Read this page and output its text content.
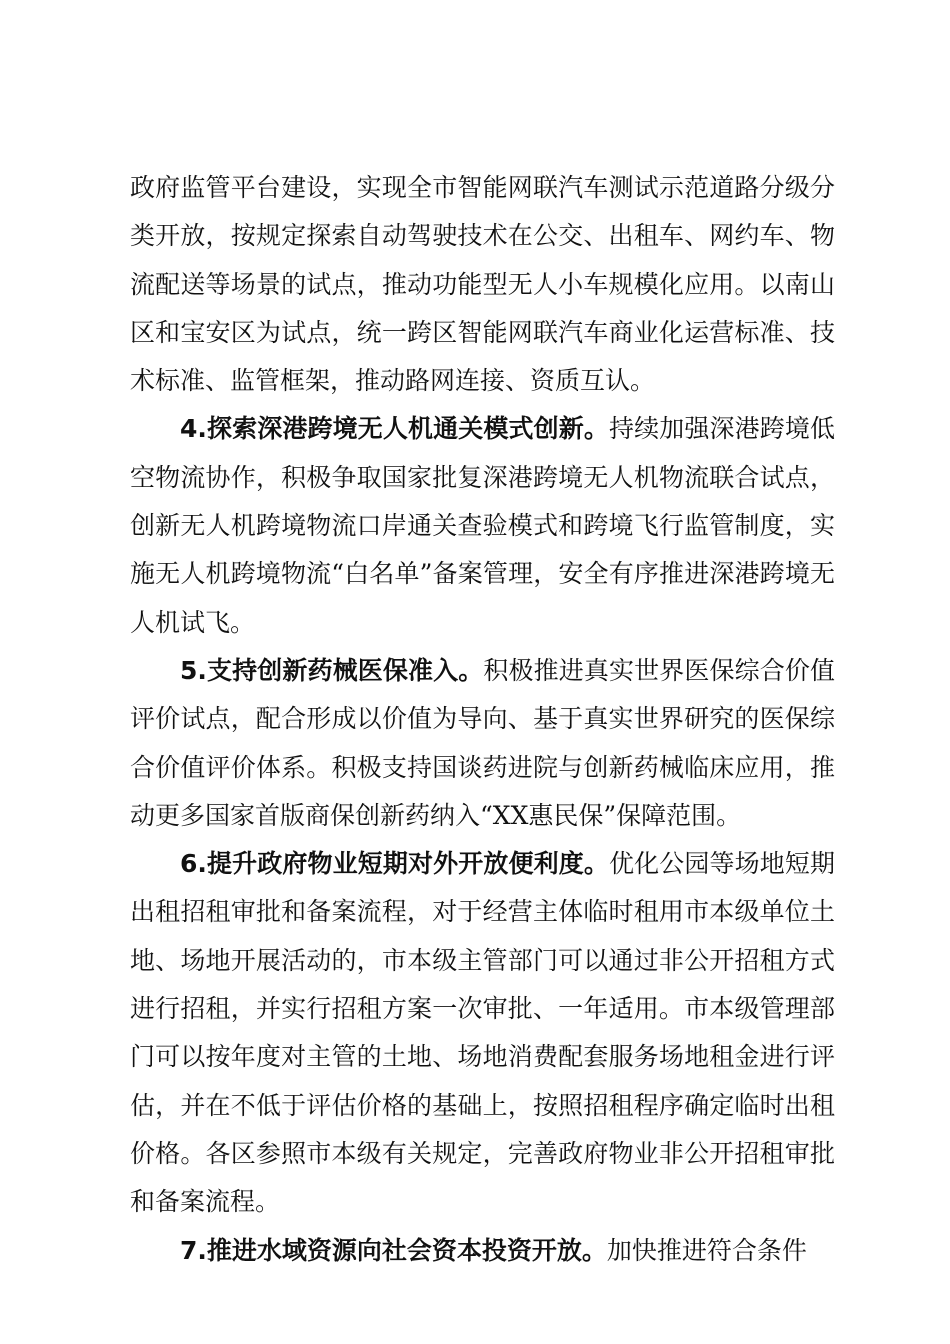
政府监管平台建设，实现全市智能网联汽车测试示范道路分级分类开放，按规定探索自动驾驶技术在公交、出租车、网约车、物流配送等场景的试点，推动功能型无人小车规模化应用。以南山区和宝安区为试点，统一跨区智能网联汽车商业化运营标准、技术标准、监管框架，推动路网连接、资质互认。

4.探索深港跨境无人机通关模式创新。持续加强深港跨境低空物流协作，积极争取国家批复深港跨境无人机物流联合试点，创新无人机跨境物流口岸通关查验模式和跨境飞行监管制度，实施无人机跨境物流“白名单”备案管理，安全有序推进深港跨境无人机试飞。

5.支持创新药械医保准入。积极推进真实世界医保综合价值评价试点，配合形成以价值为导向、基于真实世界研究的医保综合价值评价体系。积极支持国谈药进院与创新药械临床应用，推动更多国家首版商保创新药纳入“XX惠民保”保障范围。

6.提升政府物业短期对外开放便利度。优化公园等场地短期出租招租审批和备案流程，对于经营主体临时租用市本级单位土地、场地开展活动的，市本级主管部门可以通过非公开招租方式进行招租，并实行招租方案一次审批、一年适用。市本级管理部门可以按年度对主管的土地、场地消费配套服务场地租金进行评估，并在不低于评估价格的基础上，按照招租程序确定临时出租价格。各区参照市本级有关规定，完善政府物业非公开招租审批和备案流程。

7.推进水域资源向社会资本投资开放。加快推进符合条件
